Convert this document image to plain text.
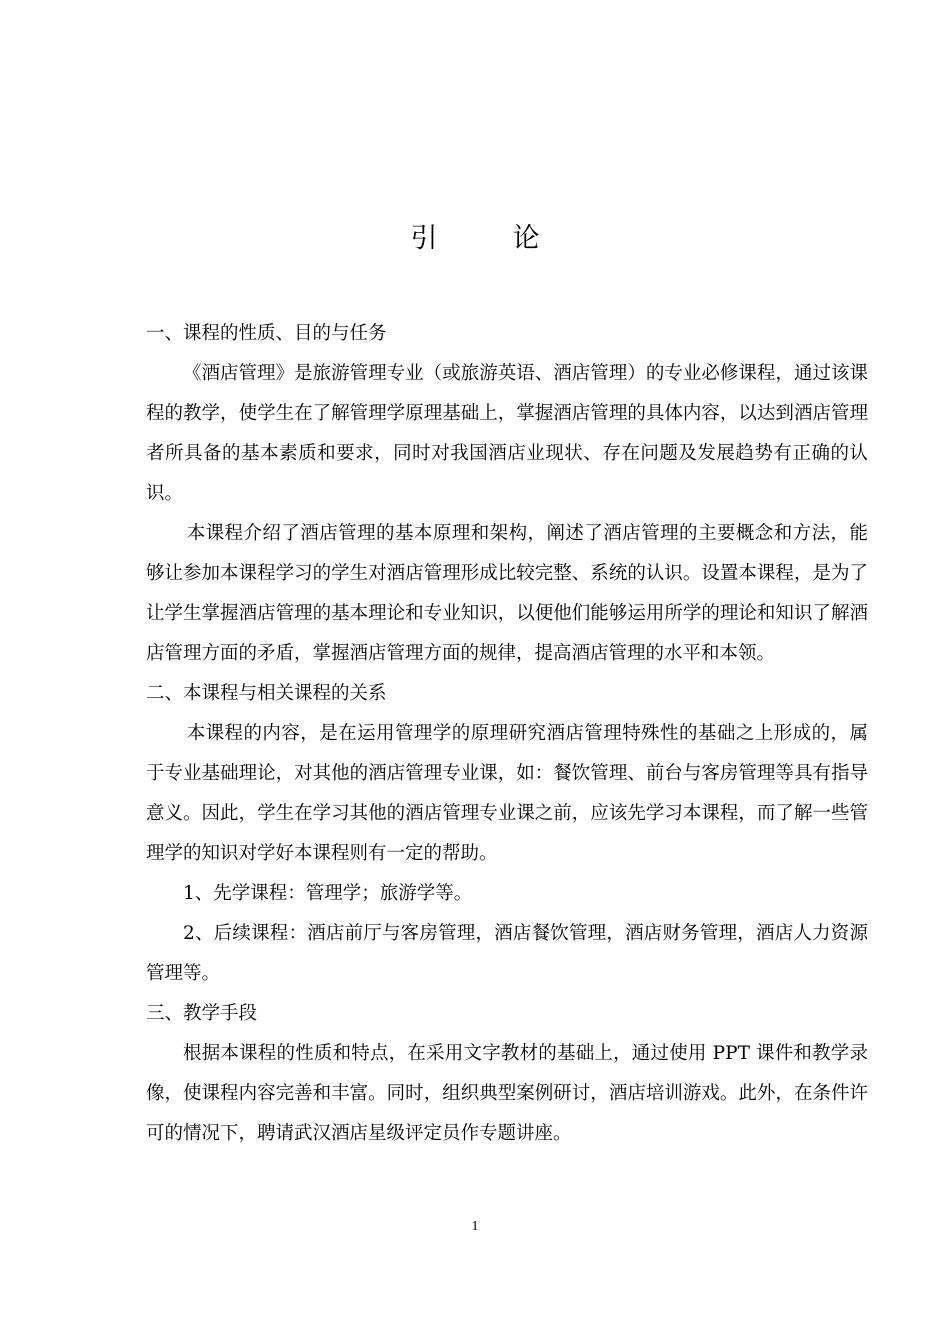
引　论

一、课程的性质、目的与任务

《酒店管理》是旅游管理专业（或旅游英语、酒店管理）的专业必修课程，通过该课程的教学，使学生在了解管理学原理基础上，掌握酒店管理的具体内容，以达到酒店管理者所具备的基本素质和要求，同时对我国酒店业现状、存在问题及发展趋势有正确的认识。

本课程介绍了酒店管理的基本原理和架构，阐述了酒店管理的主要概念和方法，能够让参加本课程学习的学生对酒店管理形成比较完整、系统的认识。设置本课程，是为了让学生掌握酒店管理的基本理论和专业知识，以便他们能够运用所学的理论和知识了解酒店管理方面的矛盾，掌握酒店管理方面的规律，提高酒店管理的水平和本领。

二、本课程与相关课程的关系

本课程的内容，是在运用管理学的原理研究酒店管理特殊性的基础之上形成的，属于专业基础理论，对其他的酒店管理专业课，如：餐饮管理、前台与客房管理等具有指导意义。因此，学生在学习其他的酒店管理专业课之前，应该先学习本课程，而了解一些管理学的知识对学好本课程则有一定的帮助。

1、先学课程：管理学；旅游学等。

2、后续课程：酒店前厅与客房管理，酒店餐饮管理，酒店财务管理，酒店人力资源管理等。

三、教学手段

根据本课程的性质和特点，在采用文字教材的基础上，通过使用 PPT 课件和教学录像，使课程内容完善和丰富。同时，组织典型案例研讨，酒店培训游戏。此外，在条件许可的情况下，聘请武汉酒店星级评定员作专题讲座。

1
